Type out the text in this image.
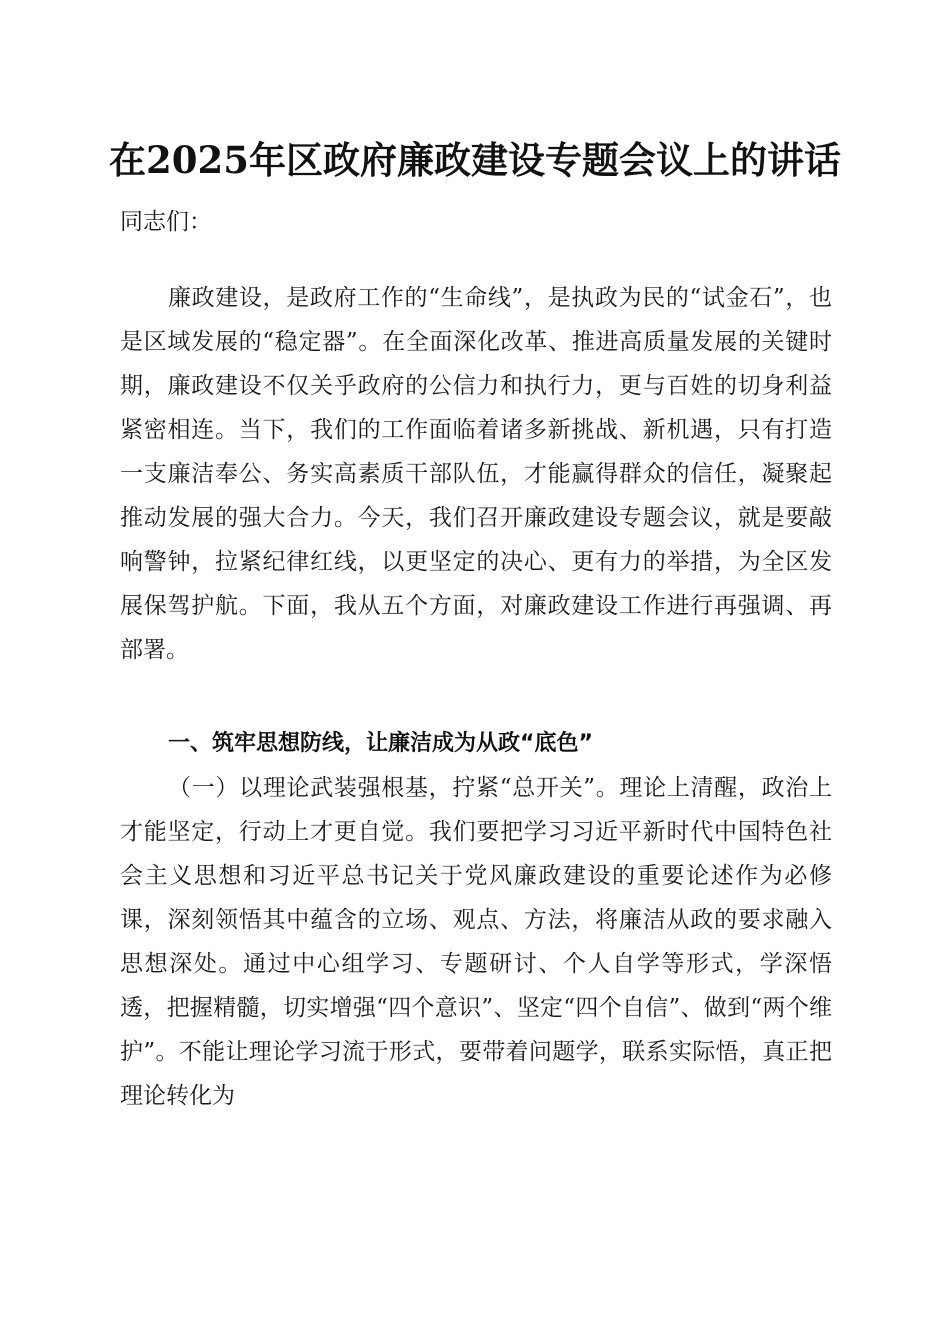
在2025年区政府廉政建设专题会议上的讲话
同志们：
廉政建设，是政府工作的“生命线”，是执政为民的“试金石”，也是区域发展的“稳定器”。在全面深化改革、推进高质量发展的关键时期，廉政建设不仅关乎政府的公信力和执行力，更与百姓的切身利益紧密相连。当下，我们的工作面临着诸多新挑战、新机遇，只有打造一支廉洁奉公、务实高素质干部队伍，才能赢得群众的信任，凝聚起推动发展的强大合力。今天，我们召开廉政建设专题会议，就是要敲响警钟，拉紧纪律红线，以更坚定的决心、更有力的举措，为全区发展保驾护航。下面，我从五个方面，对廉政建设工作进行再强调、再部署。
一、筑牢思想防线，让廉洁成为从政“底色”
（一）以理论武装强根基，拧紧“总开关”。理论上清醒，政治上才能坚定，行动上才更自觉。我们要把学习习近平新时代中国特色社会主义思想和习近平总书记关于党风廉政建设的重要论述作为必修课，深刻领悟其中蕴含的立场、观点、方法，将廉洁从政的要求融入思想深处。通过中心组学习、专题研讨、个人自学等形式，学深悟透，把握精髓，切实增强“四个意识”、坚定“四个自信”、做到“两个维护”。不能让理论学习流于形式，要带着问题学，联系实际悟，真正把理论转化为
